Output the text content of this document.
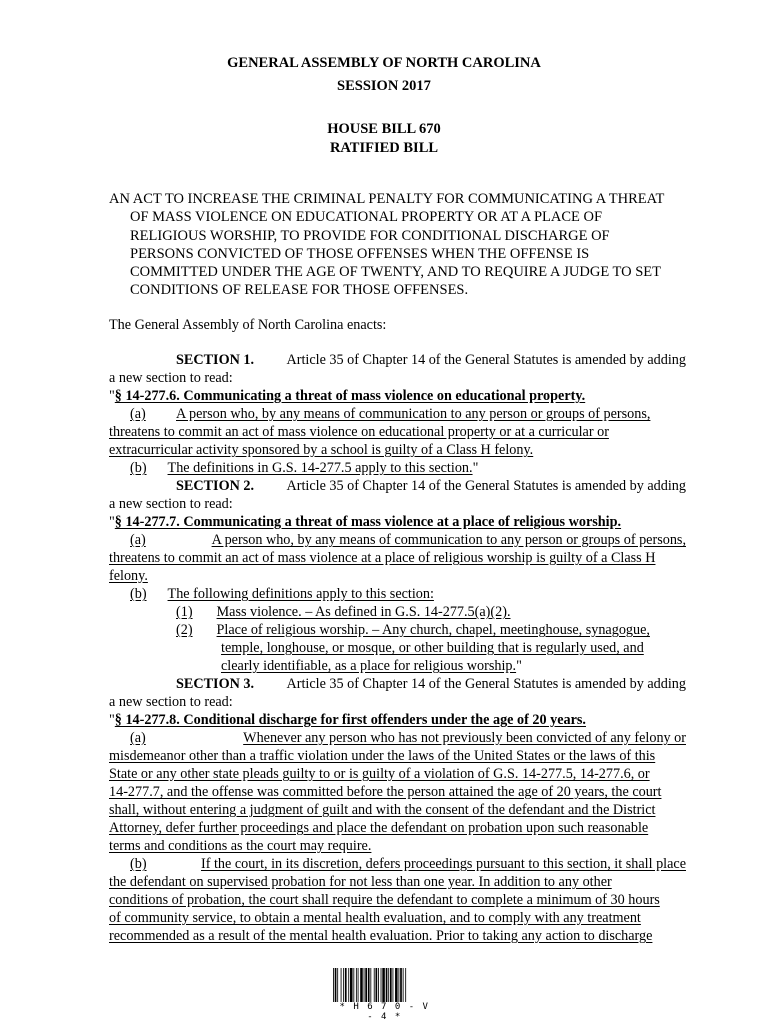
GENERAL ASSEMBLY OF NORTH CAROLINA
SESSION 2017
HOUSE BILL 670
RATIFIED BILL
AN ACT TO INCREASE THE CRIMINAL PENALTY FOR COMMUNICATING A THREAT
OF MASS VIOLENCE ON EDUCATIONAL PROPERTY OR AT A PLACE OF
RELIGIOUS WORSHIP, TO PROVIDE FOR CONDITIONAL DISCHARGE OF
PERSONS CONVICTED OF THOSE OFFENSES WHEN THE OFFENSE IS
COMMITTED UNDER THE AGE OF TWENTY, AND TO REQUIRE A JUDGE TO SET
CONDITIONS OF RELEASE FOR THOSE OFFENSES.
The General Assembly of North Carolina enacts:
SECTION 1. Article 35 of Chapter 14 of the General Statutes is amended by adding
a new section to read:
"§ 14-277.6. Communicating a threat of mass violence on educational property.
(a) A person who, by any means of communication to any person or groups of persons,
threatens to commit an act of mass violence on educational property or at a curricular or
extracurricular activity sponsored by a school is guilty of a Class H felony.
(b) The definitions in G.S. 14-277.5 apply to this section."
SECTION 2. Article 35 of Chapter 14 of the General Statutes is amended by adding
a new section to read:
"§ 14-277.7. Communicating a threat of mass violence at a place of religious worship.
(a)	A person who, by any means of communication to any person or groups of persons,
threatens to commit an act of mass violence at a place of religious worship is guilty of a Class H
felony.
(b) The following definitions apply to this section:
(1) Mass violence. – As defined in G.S. 14-277.5(a)(2).
(2) Place of religious worship. – Any church, chapel, meetinghouse, synagogue,
temple, longhouse, or mosque, or other building that is regularly used, and
clearly identifiable, as a place for religious worship."
SECTION 3. Article 35 of Chapter 14 of the General Statutes is amended by adding
a new section to read:
"§ 14-277.8. Conditional discharge for first offenders under the age of 20 years.
(a)	Whenever any person who has not previously been convicted of any felony or
misdemeanor other than a traffic violation under the laws of the United States or the laws of this
State or any other state pleads guilty to or is guilty of a violation of G.S. 14-277.5, 14-277.6, or
14-277.7, and the offense was committed before the person attained the age of 20 years, the court
shall, without entering a judgment of guilt and with the consent of the defendant and the District
Attorney, defer further proceedings and place the defendant on probation upon such reasonable
terms and conditions as the court may require.
(b)	If the court, in its discretion, defers proceedings pursuant to this section, it shall place
the defendant on supervised probation for not less than one year. In addition to any other
conditions of probation, the court shall require the defendant to complete a minimum of 30 hours
of community service, to obtain a mental health evaluation, and to comply with any treatment
recommended as a result of the mental health evaluation. Prior to taking any action to discharge
* H 6 7 0 - V - 4 *
